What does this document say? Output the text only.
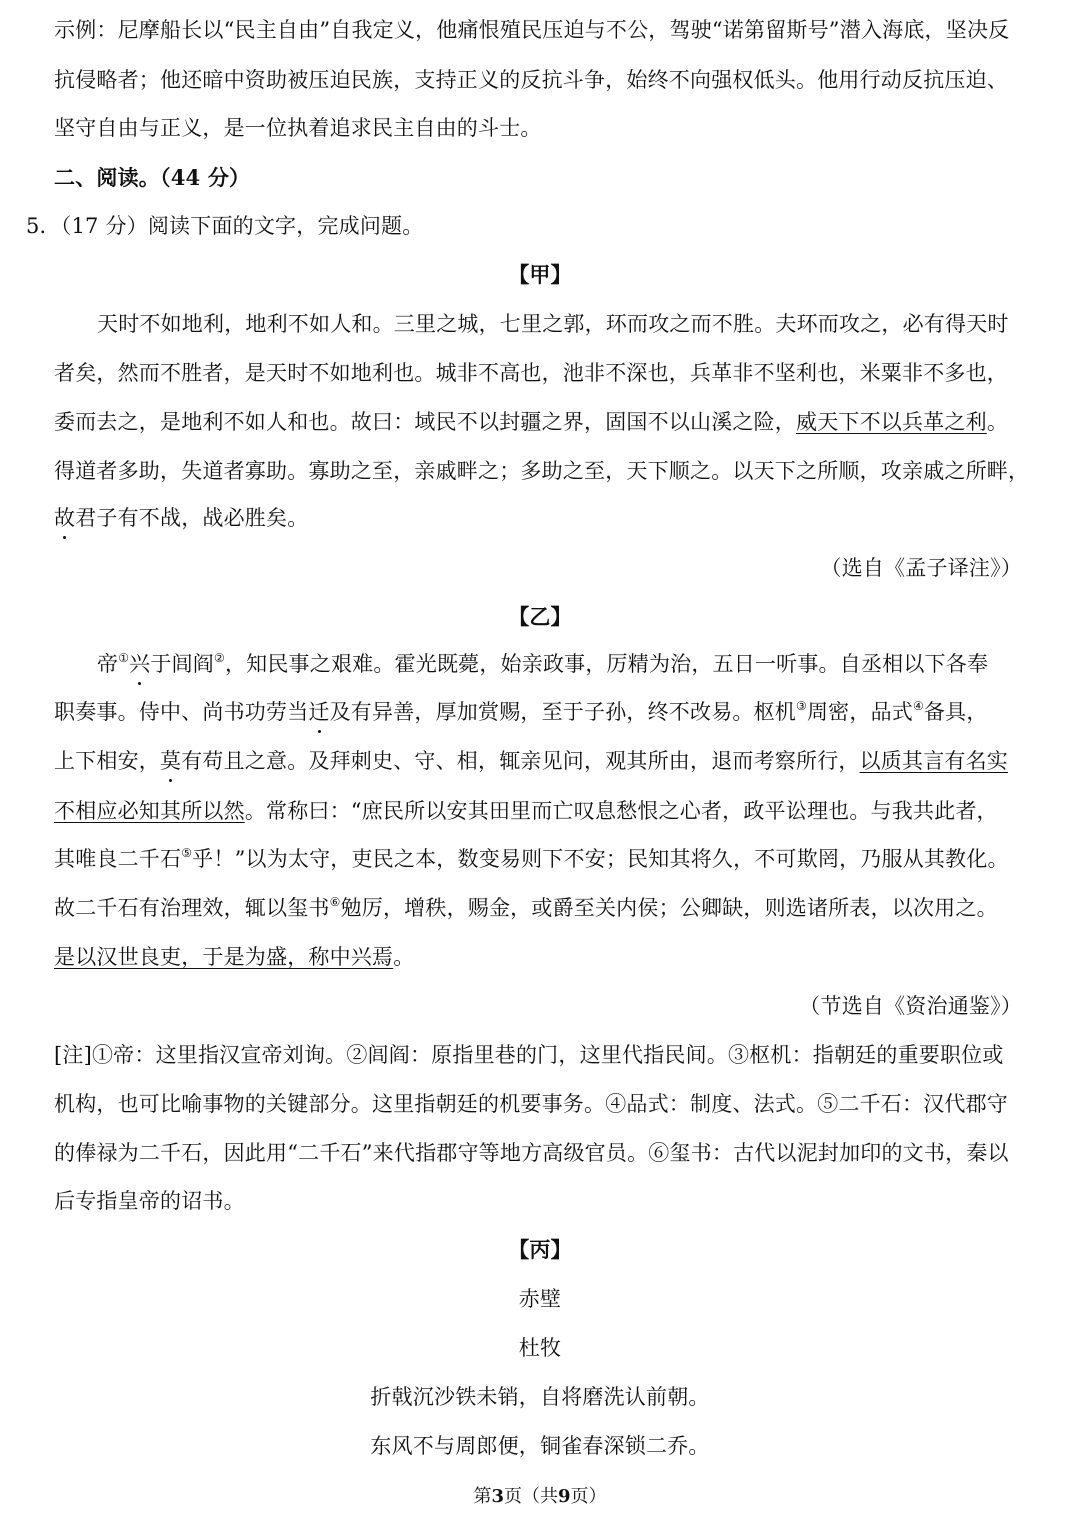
示例：尼摩船长以“民主自由”自我定义，他痛恨殖民压迫与不公，驾驶“诺第留斯号”潜入海底，坚决反
抗侵略者；他还暗中资助被压迫民族，支持正义的反抗斗争，始终不向强权低头。他用行动反抗压迫、
坚守自由与正义，是一位执着追求民主自由的斗士。
二、阅读。（44 分）
5．（17 分）阅读下面的文字，完成问题。
【甲】
天时不如地利，地利不如人和。三里之城，七里之郭，环而攻之而不胜。夫环而攻之，必有得天时
者矣，然而不胜者，是天时不如地利也。城非不高也，池非不深也，兵革非不坚利也，米粟非不多也，
委而去之，是地利不如人和也。故曰：域民不以封疆之界，固国不以山溪之险，威天下不以兵革之利。
得道者多助，失道者寡助。寡助之至，亲戚畔之；多助之至，天下顺之。以天下之所顺，攻亲戚之所畔，
故君子有不战，战必胜矣。
（选自《孟子译注》）
【乙】
帝①兴于闾阎②，知民事之艰难。霍光既薨，始亲政事，厉精为治，五日一听事。自丞相以下各奉
职奏事。侍中、尚书功劳当迁及有异善，厚加赏赐，至于子孙，终不改易。枢机③周密，品式④备具，
上下相安，莫有苟且之意。及拜刺史、守、相，辄亲见问，观其所由，退而考察所行，以质其言有名实
不相应必知其所以然。常称曰：“庶民所以安其田里而亡叹息愁恨之心者，政平讼理也。与我共此者，
其唯良二千石⑤乎！”以为太守，吏民之本，数变易则下不安；民知其将久，不可欺罔，乃服从其教化。
故二千石有治理效，辄以玺书⑥勉厉，增秩，赐金，或爵至关内侯；公卿缺，则选诸所表，以次用之。
是以汉世良吏，于是为盛，称中兴焉。
（节选自《资治通鉴》）
[注]①帝：这里指汉宣帝刘询。②闾阎：原指里巷的门，这里代指民间。③枢机：指朝廷的重要职位或
机构，也可比喻事物的关键部分。这里指朝廷的机要事务。④品式：制度、法式。⑤二千石：汉代郡守
的俸禄为二千石，因此用“二千石”来代指郡守等地方高级官员。⑥玺书：古代以泥封加印的文书，秦以
后专指皇帝的诏书。
【丙】
赤壁
杜牧
折戟沉沙铁未销，自将磨洗认前朝。
东风不与周郎便，铜雀春深锁二乔。
第3页（共9页）
